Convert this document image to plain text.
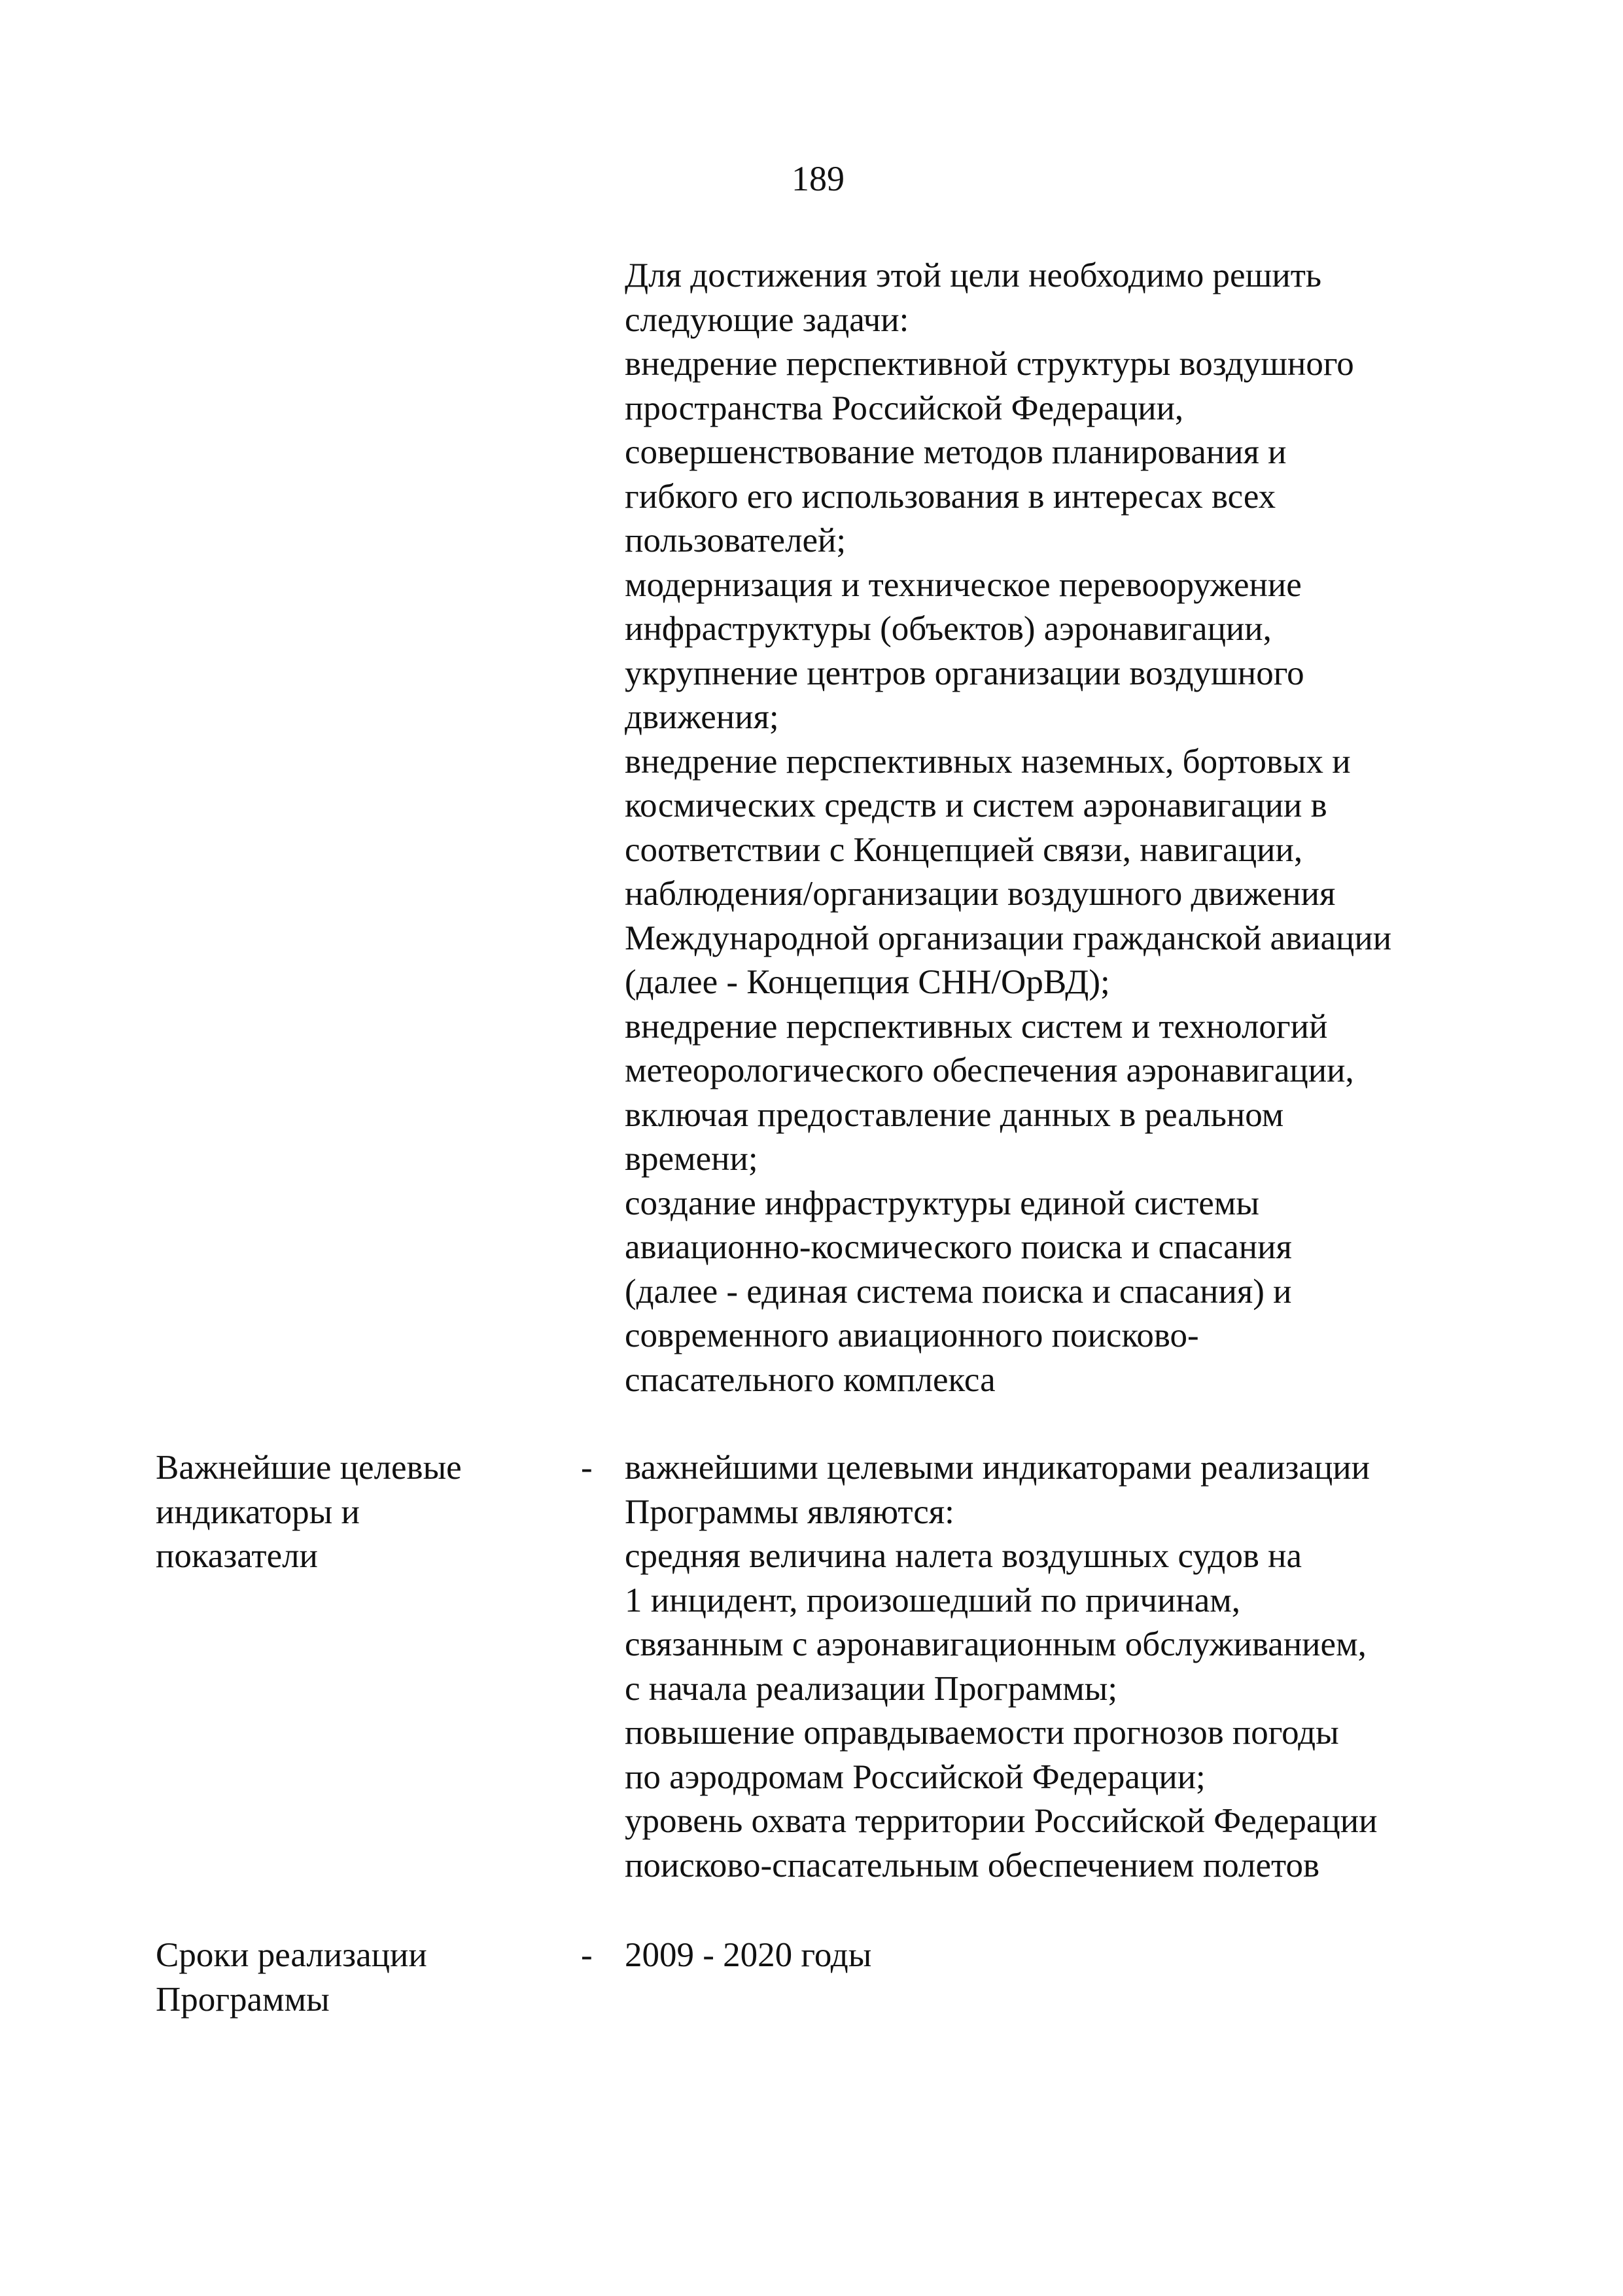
189
Для достижения этой цели необходимо решить
следующие задачи:
внедрение перспективной структуры воздушного
пространства Российской Федерации,
совершенствование методов планирования и
гибкого его использования в интересах всех
пользователей;
модернизация и техническое перевооружение
инфраструктуры (объектов) аэронавигации,
укрупнение центров организации воздушного
движения;
внедрение перспективных наземных, бортовых и
космических средств и систем аэронавигации в
соответствии с Концепцией связи, навигации,
наблюдения/организации воздушного движения
Международной организации гражданской авиации
(далее - Концепция СНН/ОрВД);
внедрение перспективных систем и технологий
метеорологического обеспечения аэронавигации,
включая предоставление данных в реальном
времени;
создание инфраструктуры единой системы
авиационно-космического поиска и спасания
(далее - единая система поиска и спасания) и
современного авиационного поисково-
спасательного комплекса
Важнейшие целевые
индикаторы и
показатели
- важнейшими целевыми индикаторами реализации
Программы являются:
средняя величина налета воздушных судов на
1 инцидент, произошедший по причинам,
связанным с аэронавигационным обслуживанием,
с начала реализации Программы;
повышение оправдываемости прогнозов погоды
по аэродромам Российской Федерации;
уровень охвата территории Российской Федерации
поисково-спасательным обеспечением полетов
Сроки реализации
Программы
- 2009 - 2020 годы
